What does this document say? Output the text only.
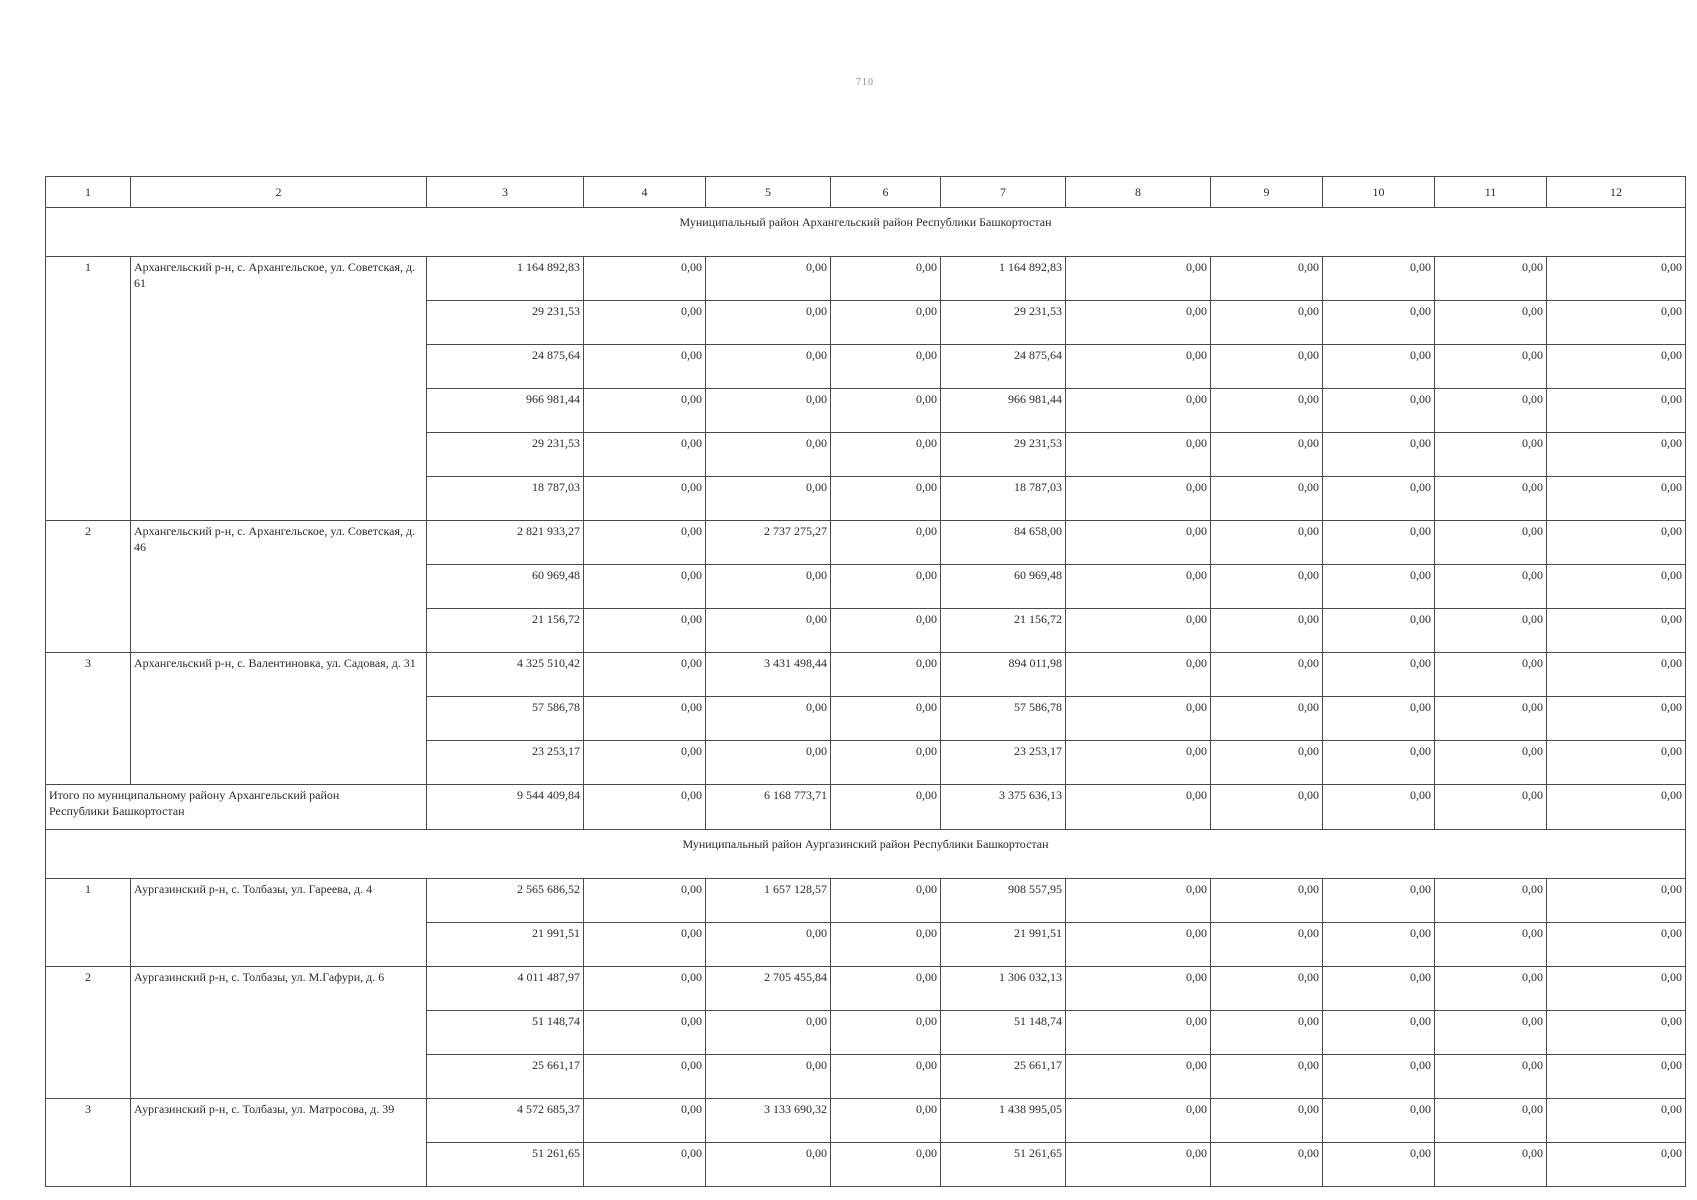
710
1	2	3	4	5	6	7	8	9	10	11	12
Муниципальный район Архангельский район Республики Башкортостан											
1	Архангельский р-н, с. Архангельское, ул. Советская, д. 61	1 164 892,83	0,00	0,00	0,00	1 164 892,83	0,00	0,00	0,00	0,00	0,00
		29 231,53	0,00	0,00	0,00	29 231,53	0,00	0,00	0,00	0,00	0,00
		24 875,64	0,00	0,00	0,00	24 875,64	0,00	0,00	0,00	0,00	0,00
		966 981,44	0,00	0,00	0,00	966 981,44	0,00	0,00	0,00	0,00	0,00
		29 231,53	0,00	0,00	0,00	29 231,53	0,00	0,00	0,00	0,00	0,00
		18 787,03	0,00	0,00	0,00	18 787,03	0,00	0,00	0,00	0,00	0,00
2	Архангельский р-н, с. Архангельское, ул. Советская, д. 46	2 821 933,27	0,00	2 737 275,27	0,00	84 658,00	0,00	0,00	0,00	0,00	0,00
		60 969,48	0,00	0,00	0,00	60 969,48	0,00	0,00	0,00	0,00	0,00
		21 156,72	0,00	0,00	0,00	21 156,72	0,00	0,00	0,00	0,00	0,00
3	Архангельский р-н, с. Валентиновка, ул. Садовая, д. 31	4 325 510,42	0,00	3 431 498,44	0,00	894 011,98	0,00	0,00	0,00	0,00	0,00
		57 586,78	0,00	0,00	0,00	57 586,78	0,00	0,00	0,00	0,00	0,00
		23 253,17	0,00	0,00	0,00	23 253,17	0,00	0,00	0,00	0,00	0,00

Итого по муниципальному району Архангельский район Республики Башкортостан		9 544 409,84	0,00	6 168 773,71	0,00	3 375 636,13	0,00	0,00	0,00	0,00	0,00
Муниципальный район Аургазинский район Республики Башкортостан											
1	Аургазинский р-н, с. Толбазы, ул. Гареева, д. 4	2 565 686,52	0,00	1 657 128,57	0,00	908 557,95	0,00	0,00	0,00	0,00	0,00
		21 991,51	0,00	0,00	0,00	21 991,51	0,00	0,00	0,00	0,00	0,00
2	Аургазинский р-н, с. Толбазы, ул. М.Гафури, д. 6	4 011 487,97	0,00	2 705 455,84	0,00	1 306 032,13	0,00	0,00	0,00	0,00	0,00
		51 148,74	0,00	0,00	0,00	51 148,74	0,00	0,00	0,00	0,00	0,00
		25 661,17	0,00	0,00	0,00	25 661,17	0,00	0,00	0,00	0,00	0,00
3	Аургазинский р-н, с. Толбазы, ул. Матросова, д. 39	4 572 685,37	0,00	3 133 690,32	0,00	1 438 995,05	0,00	0,00	0,00	0,00	0,00
		51 261,65	0,00	0,00	0,00	51 261,65	0,00	0,00	0,00	0,00	0,00
